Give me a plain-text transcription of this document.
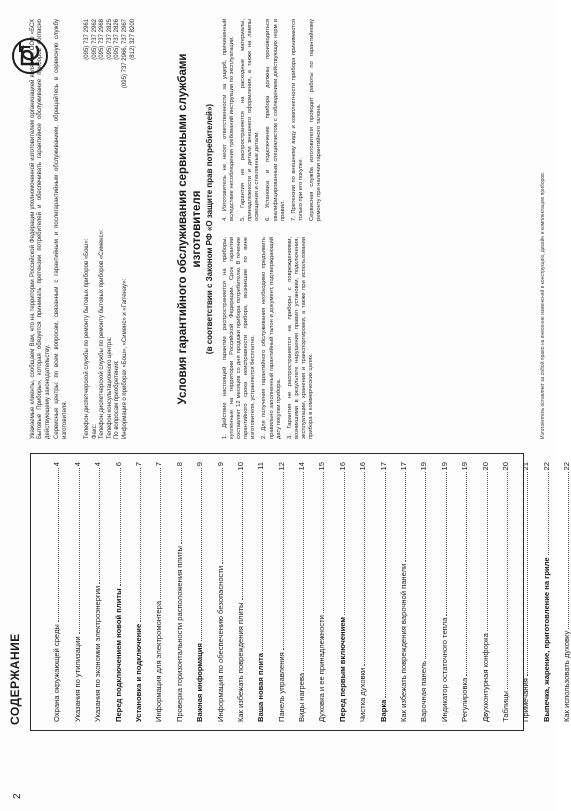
2
СОДЕРЖАНИЕ	Охрана окружающей среды
4
Указания по утилизации
4
Указания по экономии электроэнергии
4
Перед подключением новой плиты
6
Установка и подключение
7
Информация для электромонтера
7
Проверка горизонтальности расположения плиты
8
Важная информация
9
Информация по обеспечению безопасности
9
Как избежать повреждения плиты
10
Ваша новая плита
11
Панель управления
12
Виды нагрева
14
Духовка и ее принадлежности
15
Перед первым включением
16
Чистка духовки
16
Варка
17
Как избежать повреждения варочной панели
17
Варочная панель
19
Индикатор остаточного тепла
19
Регулировка
19
Двухконтурная конфорка
20
Таблицы
20
Примечания
21
Выпечка, жарение, приготовление на гриле
22
Как использовать духовку
22

Уважаемые клиенты, сообщаем Вам, что на территории Российской Федерации уполномоченной изготовителем организацией является ООО «БСХ Бытовые Приборы», которая обязуется принимать претензии потребителей и обеспечивать гарантийное обслуживание приборов согласно действующему законодательству. Сервисные центры: по всем вопросам, связанным с гарантийным и послегарантийным обслуживанием, обращайтесь в сервисную службу изготовителя.	Телефон диспетчерской службы по ремонту бытовых приборов «Бош»:
(095) 737 2961
Факс:
(095) 737 2962
Телефон диспетчерской службы по ремонту бытовых приборов «Сименс»:
(095) 737 2968
Телефон консультационного центра:
(095) 737 2825
По вопросам приобретения:
(095) 737 2826
Информация о приборах «Бош», «Сименс» и «Гаггенау»:
(095) 737 2966, 737 2967 (812) 327 8200
Условия гарантийного обслуживания сервисными службами изготовителя (в соответствии с Законом РФ «О защите прав потребителей») 1. Действие настоящей гарантии распространяется на приборы, купленные на территории Российской Федерации. Срок гарантии составляет 12 месяцев со дня продажи прибора потребителю. В течение гарантийного срока неисправности прибора, возникшие по вине изготовителя, устраняются бесплатно. 2. Для получения гарантийного обслуживания необходимо предъявить правильно заполненный гарантийный талон и документ, подтверждающий дату покупки прибора. 3. Гарантия не распространяется на приборы с повреждениями, возникшими в результате нарушения правил установки, подключения, эксплуатации, хранения и транспортировки, а также при использовании прибора в коммерческих целях.

4. Изготовитель не несет ответственности за ущерб, причиненный вследствие несоблюдения требований инструкции по эксплуатации. 5. Гарантия не распространяется на расходные материалы, принадлежности и детали внешнего оформления, а также на лампы освещения и стеклянные детали. 6. Установка и подключение прибора должны производиться квалифицированным специалистом с соблюдением действующих норм и правил. 7. Претензии по внешнему виду и комплектности прибора принимаются только при его покупке. Сервисная служба изготовителя проводит работы по гарантийному ремонту при наличии гарантийного талона.

Изготовитель оставляет за собой право на внесение изменений в конструкцию, дизайн и комплектацию приборов.
